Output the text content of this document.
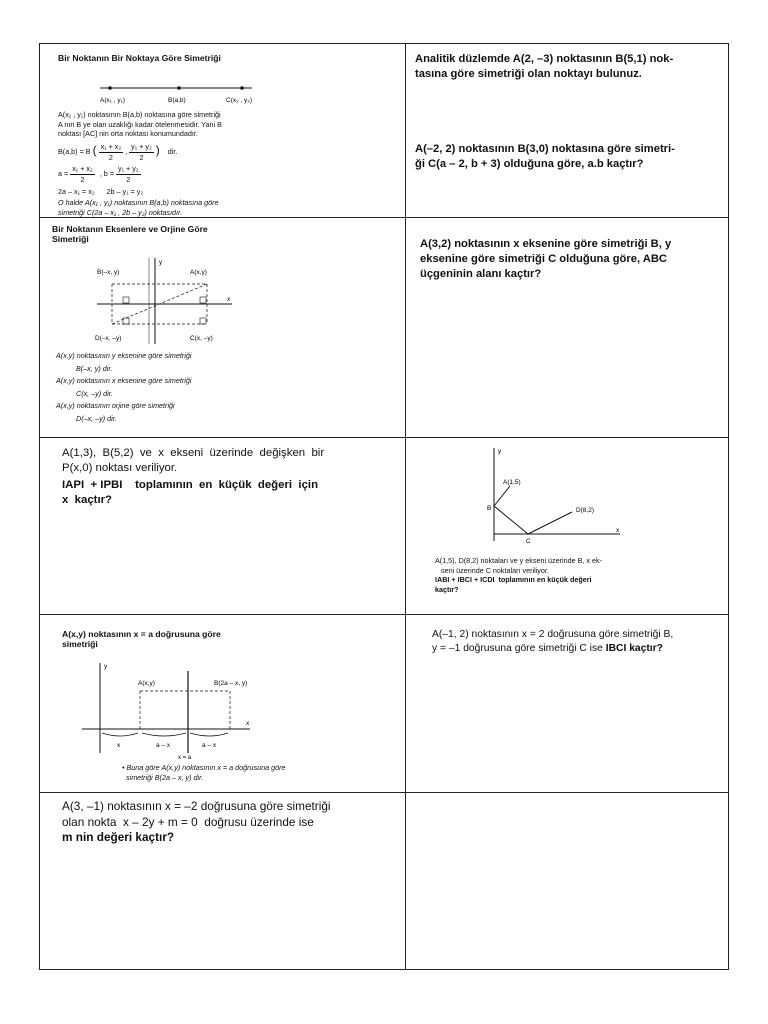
Bir Noktanın Bir Noktaya Göre Simetriği
A(x₁ , y₁)	B(a,b)	C(x₂ , y₂)
A(x₁ , y₁) noktasının B(a,b) noktasına göre simetriği
A nın B ye olan uzaklığı kadar ötelenmesidir. Yani B
noktası [AC] nin orta noktası konumundadır.
B(a,b) = B ( $\frac{\text{x₁ + x₂}}{2}$ , $\frac{\text{y₁ + y₂}}{2}$ ) dir.
$a = \frac{\text{x₁ + x₂}}{2}$ , $b = \frac{\text{y₁ + y₂}}{2}$
2a – x₁ = x₂      2b – y₁ = y₂
O halde A(x₁ , y₁) noktasının B(a,b) noktasına göre
simetriği C(2a – x₁ , 2b – y₂) noktasıdır.
Analitik düzlemde A(2, –3) noktasının B(5,1) nok-
tasına göre simetriği olan noktayı bulunuz.
A(–2, 2) noktasının B(3,0) noktasına göre simetri-
ği C(a – 2, b + 3) olduğuna göre, a.b kaçtır?
Bir Noktanın Eksenlere ve Orjine Göre
Simetriği
B(–x, y)	A(x,y)
D(–x, –y)	C(x, –y)
y
x
A(x,y) noktasının y eksenine göre simetriği
B(–x, y) dir.
A(x,y) noktasının x eksenine göre simetriği
C(x, –y) dir.
A(x,y) noktasının orjine göre simetriği
D(–x, –y) dir.
A(3,2) noktasının x eksenine göre simetriği B, y
eksenine göre simetriği C olduğuna göre, ABC
üçgeninin alanı kaçtır?
A(1,3),  B(5,2)  ve  x  ekseni  üzerinde  değişken  bir
P(x,0) noktası veriliyor.
IAPI  + IPBI    toplamının  en  küçük  değeri  için
x  kaçtır?
y
x
A(1,5)
B	D(8,2)
C
A(1,5), D(8,2) noktaları ve y ekseni üzerinde B, x ek-
seni üzerinde C noktaları veriliyor.
IABI + IBCI + ICDI  toplamının en küçük değeri
kaçtır?
A(x,y) noktasının x = a doğrusuna göre
simetriği
y
x
A(x,y)	B(2a – x, y)
x	a – x	a – x
x = a
• Buna göre A(x,y) noktasının x = a doğrusuna göre
simetriği B(2a – x, y) dir.
A(–1, 2) noktasının x = 2 doğrusuna göre simetriği B,
y = –1 doğrusuna göre simetriği C ise IBCI kaçtır?
A(3, –1) noktasının x = –2 doğrusuna göre simetriği
olan nokta  x – 2y + m = 0  doğrusu üzerinde ise
m nin değeri kaçtır?
